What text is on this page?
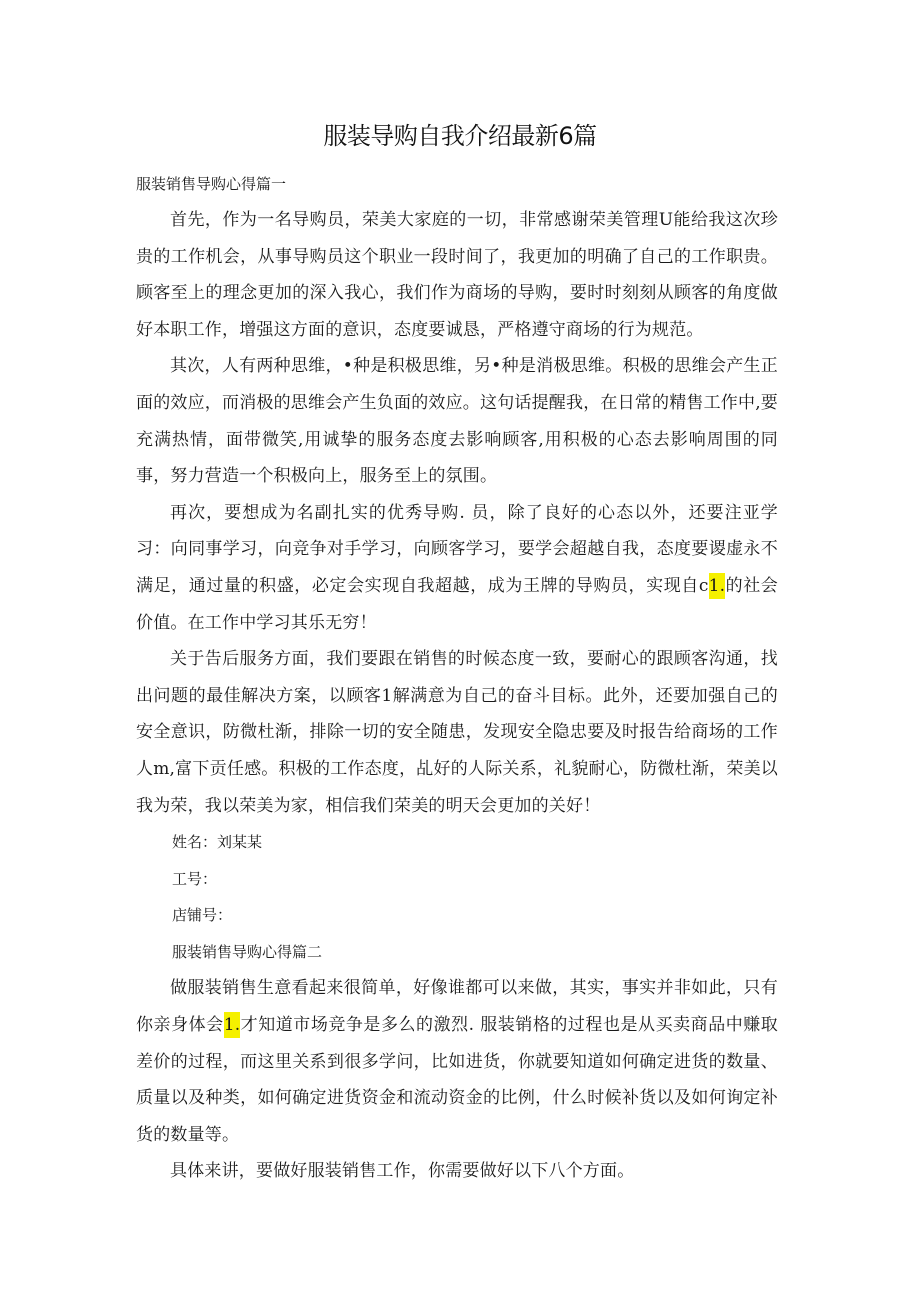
服装导购自我介绍最新6篇

服装销售导购心得篇一

首先，作为一名导购员，荣美大家庭的一切，非常感谢荣美管理U能给我这次珍贵的工作机会，从事导购员这个职业一段时间了，我更加的明确了自己的工作职贵。顾客至上的理念更加的深入我心，我们作为商场的导购，要时时刻刻从顾客的角度做好本职工作，增强这方面的意识，态度要诚恳，严格遵守商场的行为规范。

其次，人有两种思维，•种是积极思维，另•种是消极思维。积极的思维会产生正面的效应，而消极的思维会产生负面的效应。这句话提醒我，在日常的精售工作中,要充满热情，面带微笑,用诚挚的服务态度去影响顾客,用积极的心态去影响周围的同事，努力营造一个积极向上，服务至上的氛围。

再次，要想成为名副扎实的优秀导购. 员，除了良好的心态以外，还要注亚学习：向同事学习，向竞争对手学习，向顾客学习，要学会超越自我，态度要谡虚永不满足，通过量的积盛，必定会实现自我超越，成为王牌的导购员，实现自c1.的社会价值。在工作中学习其乐无穷！

关于告后服务方面，我们要跟在销售的时候态度一致，要耐心的跟顾客沟通，找出问题的最佳解决方案，以顾客1解满意为自己的奋斗目标。此外，还要加强自己的安全意识，防微杜渐，排除一切的安全随患，发现安全隐忠要及时报告给商场的工作人m,富下贡任感。积极的工作态度，乩好的人际关系，礼貌耐心，防微杜渐，荣美以我为荣，我以荣美为家，相信我们荣美的明天会更加的关好！

姓名：刘某某

工号：

店铺号：

服装销售导购心得篇二

做服装销售生意看起来很简单，好像谁都可以来做，其实，事实并非如此，只有你亲身体会1.才知道市场竞争是多么的激烈. 服装销格的过程也是从买卖商品中赚取差价的过程，而这里关系到很多学问，比如进货，你就要知道如何确定进货的数量、质量以及种类，如何确定进货资金和流动资金的比例，什么时候补货以及如何询定补货的数量等。

具体来讲，要做好服装销售工作，你需要做好以下八个方面。
